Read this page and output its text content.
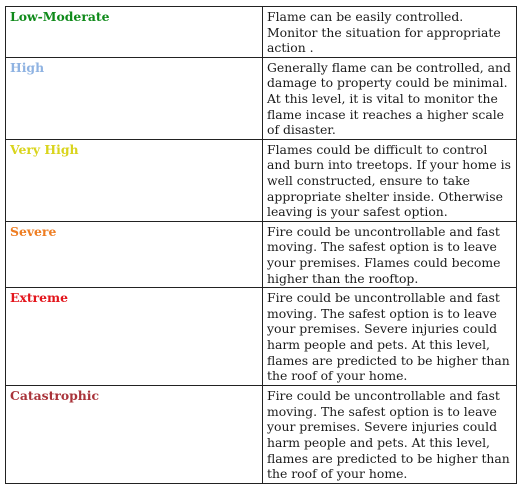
Low-Moderate	Flame can be easily controlled. Monitor the situation for appropriate action .
High	Generally flame can be controlled, and damage to property could be minimal. At this level, it is vital to monitor the flame incase it reaches a higher scale of disaster.
Very High	Flames could be difficult to control and burn into treetops. If your home is well constructed, ensure to take appropriate shelter inside. Otherwise leaving is your safest option.
Severe	Fire could be uncontrollable and fast moving. The safest option is to leave your premises. Flames could become higher than the rooftop.
Extreme	Fire could be uncontrollable and fast moving. The safest option is to leave your premises. Severe injuries could harm people and pets. At this level, flames are predicted to be higher than the roof of your home.
Catastrophic	Fire could be uncontrollable and fast moving. The safest option is to leave your premises. Severe injuries could harm people and pets. At this level, flames are predicted to be higher than the roof of your home.
